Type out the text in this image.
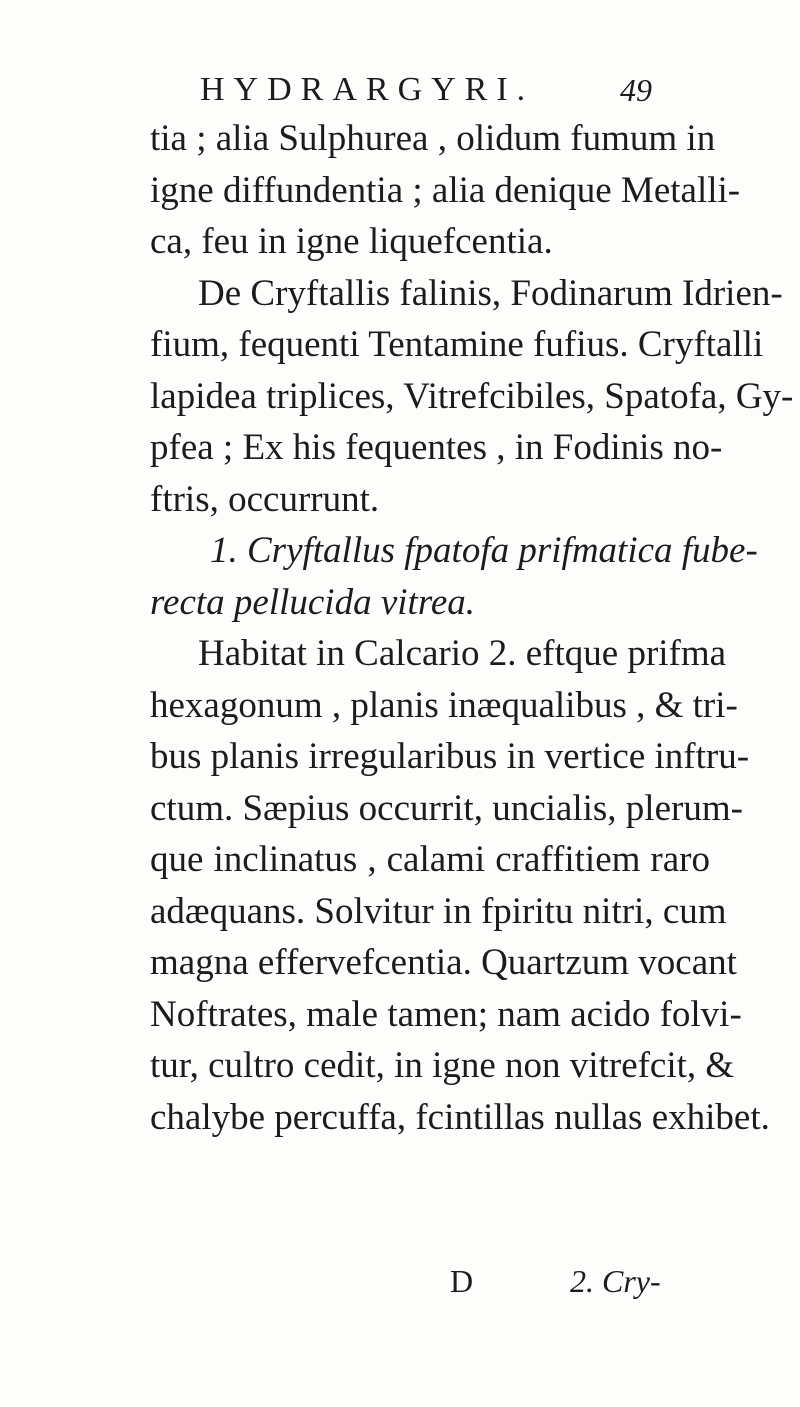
HYDRARGYRI.	49
tia ; alia Sulphurea , olidum fumum in
igne diffundentia ; alia denique Metalli-
ca, feu in igne liquefcentia.
De Cryftallis falinis, Fodinarum Idrien-
fium, fequenti Tentamine fufius. Cryftalli
lapidea triplices, Vitrefcibiles, Spatofa, Gy-
pfea ; Ex his fequentes , in Fodinis no-
ftris, occurrunt.
1. Cryftallus fpatofa prifmatica fube-
recta pellucida vitrea.
Habitat in Calcario 2. eftque prifma
hexagonum , planis inæqualibus , & tri-
bus planis irregularibus in vertice inftru-
ctum. Sæpius occurrit, uncialis, plerum-
que inclinatus , calami craffitiem raro
adæquans. Solvitur in fpiritu nitri, cum
magna effervefcentia. Quartzum vocant
Noftrates, male tamen; nam acido folvi-
tur, cultro cedit, in igne non vitrefcit, &
chalybe percuffa, fcintillas nullas exhibet.
D	2. Cry-
